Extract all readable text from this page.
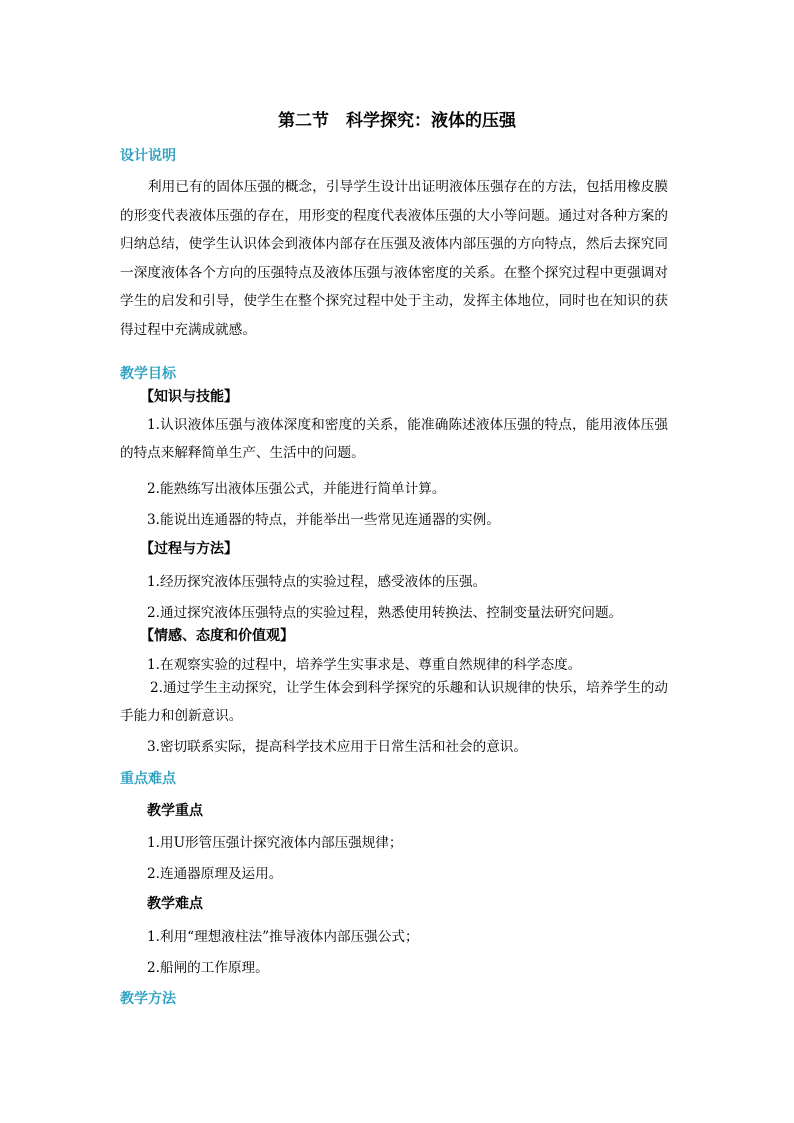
第二节　科学探究：液体的压强
设计说明

利用已有的固体压强的概念，引导学生设计出证明液体压强存在的方法，包括用橡皮膜的形变代表液体压强的存在，用形变的程度代表液体压强的大小等问题。通过对各种方案的归纳总结，使学生认识体会到液体内部存在压强及液体内部压强的方向特点，然后去探究同一深度液体各个方向的压强特点及液体压强与液体密度的关系。在整个探究过程中更强调对学生的启发和引导，使学生在整个探究过程中处于主动，发挥主体地位，同时也在知识的获得过程中充满成就感。

教学目标
【知识与技能】

1.认识液体压强与液体深度和密度的关系，能准确陈述液体压强的特点，能用液体压强的特点来解释简单生产、生活中的问题。

2.能熟练写出液体压强公式，并能进行简单计算。
3.能说出连通器的特点，并能举出一些常见连通器的实例。
【过程与方法】
1.经历探究液体压强特点的实验过程，感受液体的压强。
2.通过探究液体压强特点的实验过程，熟悉使用转换法、控制变量法研究问题。
【情感、态度和价值观】
1.在观察实验的过程中，培养学生实事求是、尊重自然规律的科学态度。

2.通过学生主动探究，让学生体会到科学探究的乐趣和认识规律的快乐，培养学生的动手能力和创新意识。

3.密切联系实际，提高科学技术应用于日常生活和社会的意识。
重点难点
教学重点
1.用U形管压强计探究液体内部压强规律；
2.连通器原理及运用。
教学难点
1.利用“理想液柱法”推导液体内部压强公式；
2.船闸的工作原理。
教学方法
